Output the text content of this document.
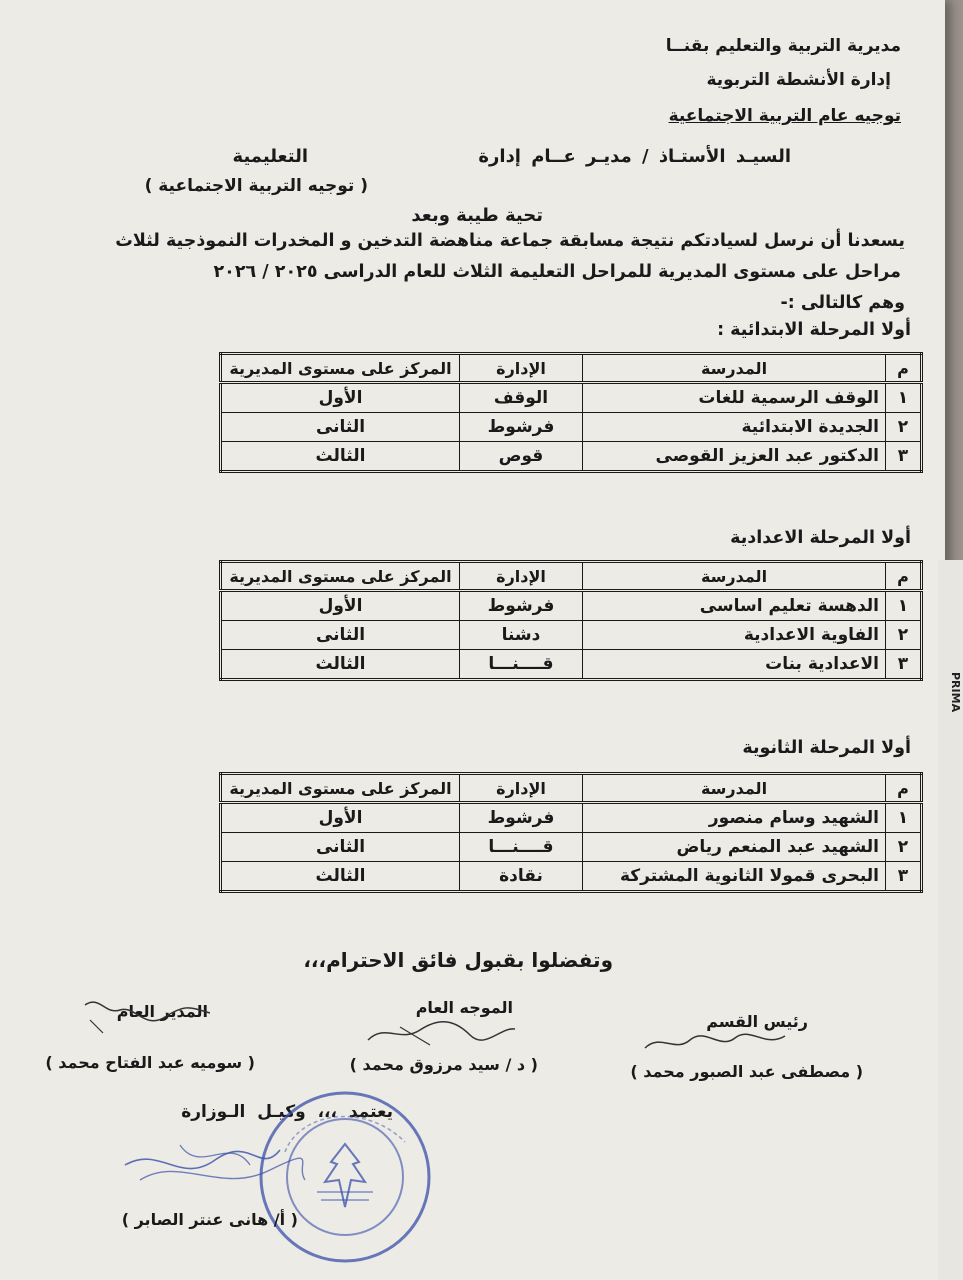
PRIMA
مديرية التربية والتعليم بقنــا
إدارة الأنشطة التربوية
توجيه عام التربية الاجتماعية
السيـد الأستـاذ / مديـر عــام إدارة
التعليمية
( توجيه التربية الاجتماعية )
تحية طيبة وبعد
يسعدنا أن نرسل لسيادتكم نتيجة مسابقة جماعة مناهضة التدخين و المخدرات النموذجية لثلاث
مراحل على مستوى المديرية للمراحل التعليمة الثلاث للعام الدراسى ٢٠٢٥ / ٢٠٢٦
وهم كالتالى :-
أولا المرحلة الابتدائية :
م	المدرسة	الإدارة	المركز على مستوى المديرية
١	الوقف الرسمية للغات	الوقف	الأول
٢	الجديدة الابتدائية	فرشوط	الثانى
٣	الدكتور عبد العزيز القوصى	قوص	الثالث
أولا المرحلة الاعدادية
م	المدرسة	الإدارة	المركز على مستوى المديرية
١	الدهسة تعليم اساسى	فرشوط	الأول
٢	الفاوية الاعدادية	دشنا	الثانى
٣	الاعدادية بنات	قــــنـــا	الثالث
أولا المرحلة الثانوية
م	المدرسة	الإدارة	المركز على مستوى المديرية
١	الشهيد وسام منصور	فرشوط	الأول
٢	الشهيد عبد المنعم رياض	قــــنـــا	الثانى
٣	البحرى قمولا الثانوية المشتركة	نقادة	الثالث
وتفضلوا بقبول فائق الاحترام،،،
رئيس القسم
( مصطفى عبد الصبور محمد )
الموجه العام
( د / سيد مرزوق محمد )
المدير العام
( سوميه عبد الفتاح محمد )
يعتمد ،،، وكيـل الـوزارة
( أ/ هانى عنتر الصابر )
